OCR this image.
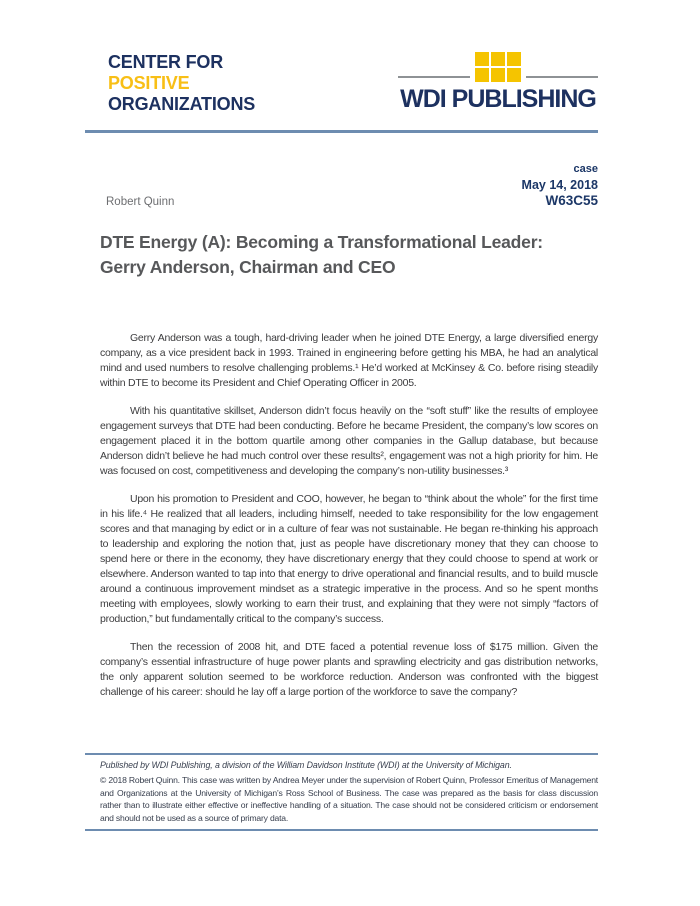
CENTER FOR
POSITIVE
ORGANIZATIONS	WDI PUBLISHING
Robert Quinn
case
May 14, 2018
W63C55
DTE Energy (A): Becoming a Transformational Leader:
Gerry Anderson, Chairman and CEO

Gerry Anderson was a tough, hard-driving leader when he joined DTE Energy, a large diversified energy company, as a vice president back in 1993. Trained in engineering before getting his MBA, he had an analytical mind and used numbers to resolve challenging problems.¹ He’d worked at McKinsey & Co. before rising steadily within DTE to become its President and Chief Operating Officer in 2005.

With his quantitative skillset, Anderson didn’t focus heavily on the “soft stuff” like the results of employee engagement surveys that DTE had been conducting. Before he became President, the company’s low scores on engagement placed it in the bottom quartile among other companies in the Gallup database, but because Anderson didn’t believe he had much control over these results², engagement was not a high priority for him. He was focused on cost, competitiveness and developing the company’s non-utility businesses.³

Upon his promotion to President and COO, however, he began to “think about the whole” for the first time in his life.⁴ He realized that all leaders, including himself, needed to take responsibility for the low engagement scores and that managing by edict or in a culture of fear was not sustainable. He began re-thinking his approach to leadership and exploring the notion that, just as people have discretionary money that they can choose to spend here or there in the economy, they have discretionary energy that they could choose to spend at work or elsewhere. Anderson wanted to tap into that energy to drive operational and financial results, and to build muscle around a continuous improvement mindset as a strategic imperative in the process. And so he spent months meeting with employees, slowly working to earn their trust, and explaining that they were not simply “factors of production,” but fundamentally critical to the company’s success.

Then the recession of 2008 hit, and DTE faced a potential revenue loss of $175 million. Given the company’s essential infrastructure of huge power plants and sprawling electricity and gas distribution networks, the only apparent solution seemed to be workforce reduction. Anderson was confronted with the biggest challenge of his career: should he lay off a large portion of the workforce to save the company?

Published by WDI Publishing, a division of the William Davidson Institute (WDI) at the University of Michigan.

© 2018 Robert Quinn. This case was written by Andrea Meyer under the supervision of Robert Quinn, Professor Emeritus of Management and Organizations at the University of Michigan’s Ross School of Business. The case was prepared as the basis for class discussion rather than to illustrate either effective or ineffective handling of a situation. The case should not be considered criticism or endorsement and should not be used as a source of primary data.
